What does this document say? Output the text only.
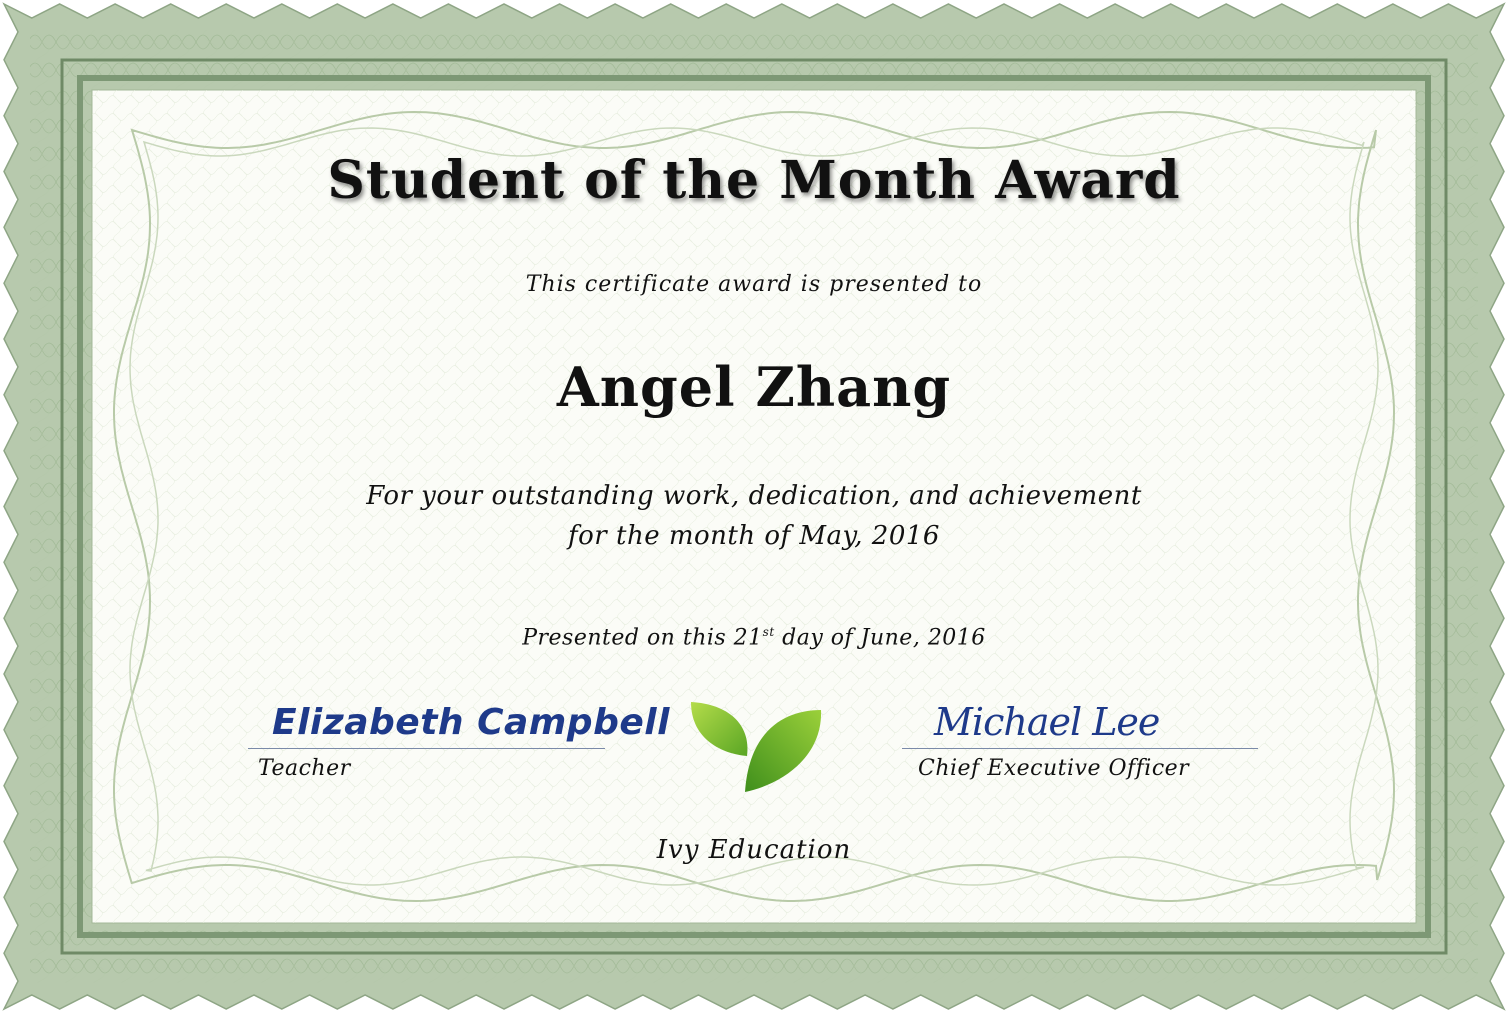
Student of the Month Award
This certificate award is presented to
Angel Zhang
For your outstanding work, dedication, and achievement
for the month of May, 2016
Presented on this 21st day of June, 2016
Elizabeth Campbell
Teacher
Michael Lee
Chief Executive Officer
Ivy Education
